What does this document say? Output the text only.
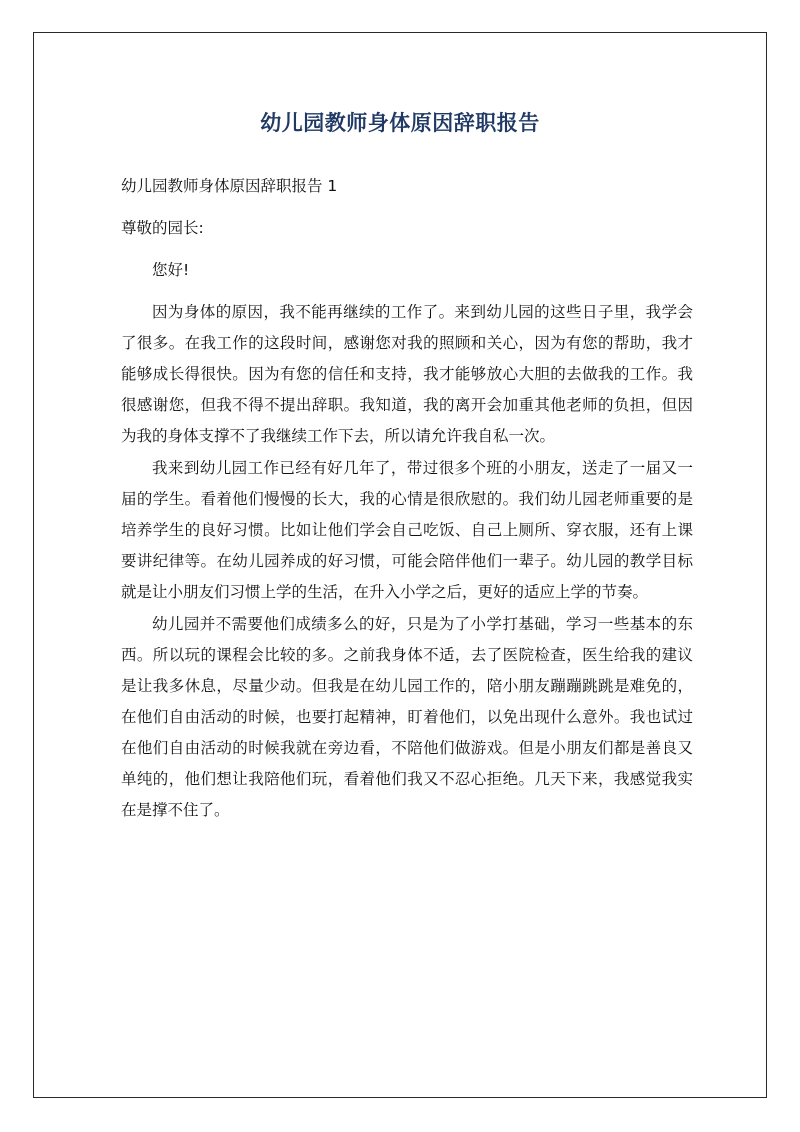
幼儿园教师身体原因辞职报告

幼儿园教师身体原因辞职报告 1

尊敬的园长:

您好!

因为身体的原因，我不能再继续的工作了。来到幼儿园的这些日子里，我学会了很多。在我工作的这段时间，感谢您对我的照顾和关心，因为有您的帮助，我才能够成长得很快。因为有您的信任和支持，我才能够放心大胆的去做我的工作。我很感谢您，但我不得不提出辞职。我知道，我的离开会加重其他老师的负担，但因为我的身体支撑不了我继续工作下去，所以请允许我自私一次。

我来到幼儿园工作已经有好几年了，带过很多个班的小朋友，送走了一届又一届的学生。看着他们慢慢的长大，我的心情是很欣慰的。我们幼儿园老师重要的是培养学生的良好习惯。比如让他们学会自己吃饭、自己上厕所、穿衣服，还有上课要讲纪律等。在幼儿园养成的好习惯，可能会陪伴他们一辈子。幼儿园的教学目标就是让小朋友们习惯上学的生活，在升入小学之后，更好的适应上学的节奏。

幼儿园并不需要他们成绩多么的好，只是为了小学打基础，学习一些基本的东西。所以玩的课程会比较的多。之前我身体不适，去了医院检查，医生给我的建议是让我多休息，尽量少动。但我是在幼儿园工作的，陪小朋友蹦蹦跳跳是难免的，在他们自由活动的时候，也要打起精神，盯着他们，以免出现什么意外。我也试过在他们自由活动的时候我就在旁边看，不陪他们做游戏。但是小朋友们都是善良又单纯的，他们想让我陪他们玩，看着他们我又不忍心拒绝。几天下来，我感觉我实在是撑不住了。
